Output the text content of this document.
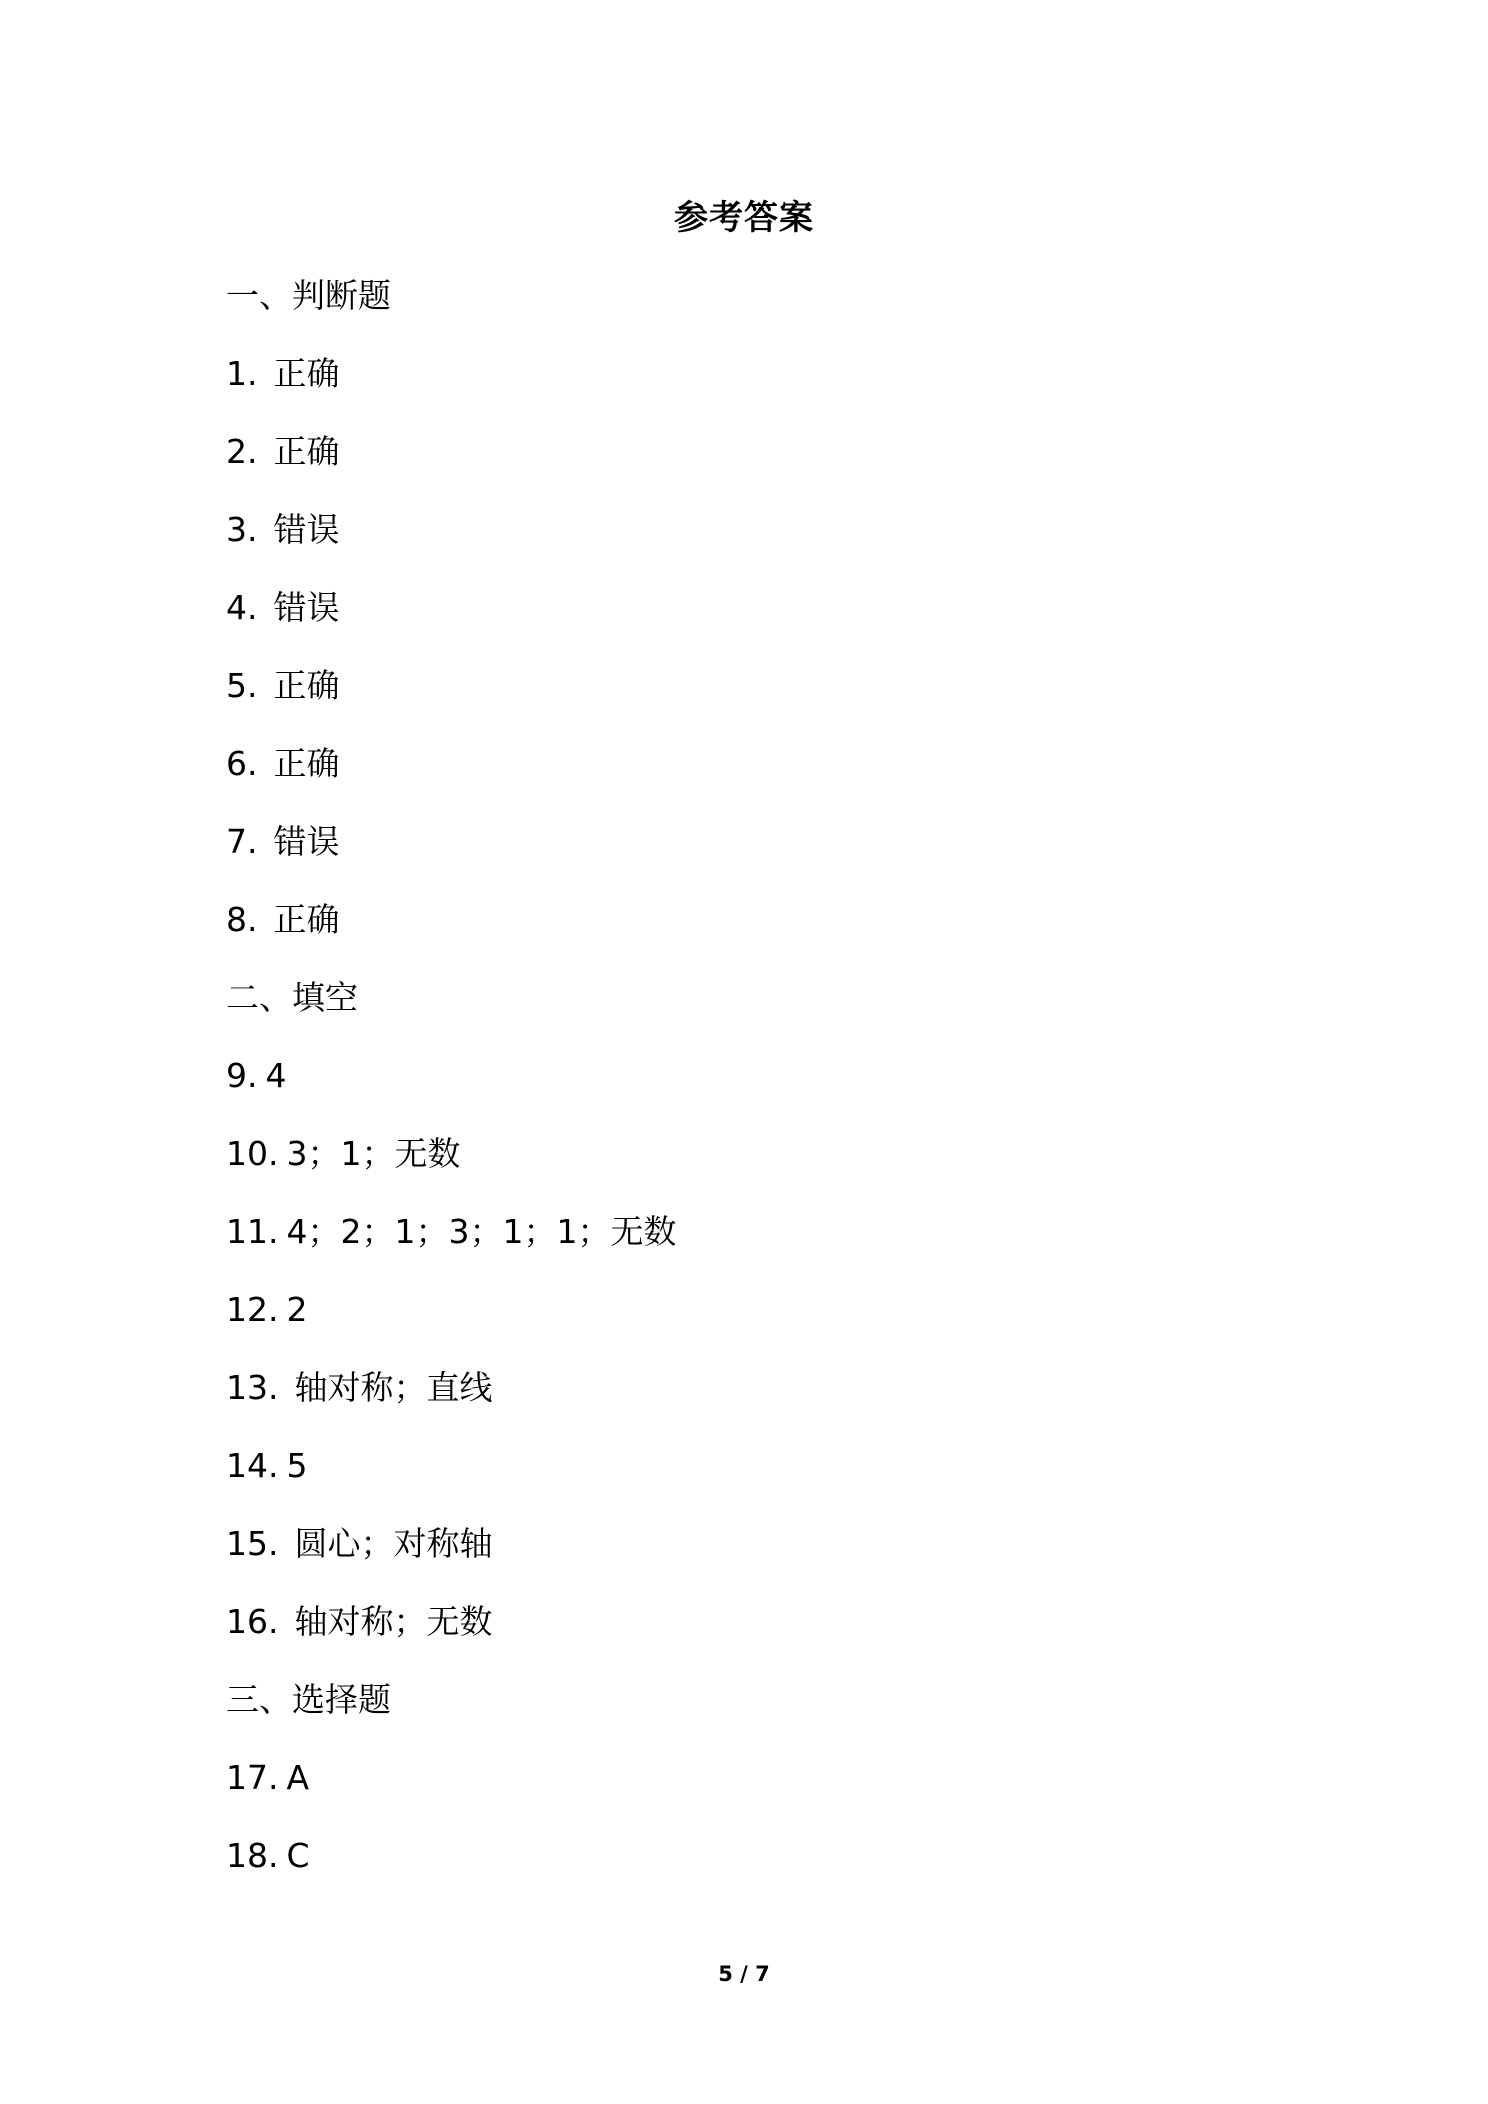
参考答案
一、判断题
1. 正确
2. 正确
3. 错误
4. 错误
5. 正确
6. 正确
7. 错误
8. 正确
二、填空
9. 4
10. 3；1；无数
11. 4；2；1；3；1；1；无数
12. 2
13. 轴对称；直线
14. 5
15. 圆心；对称轴
16. 轴对称；无数
三、选择题
17. A
18. C
5 / 7
